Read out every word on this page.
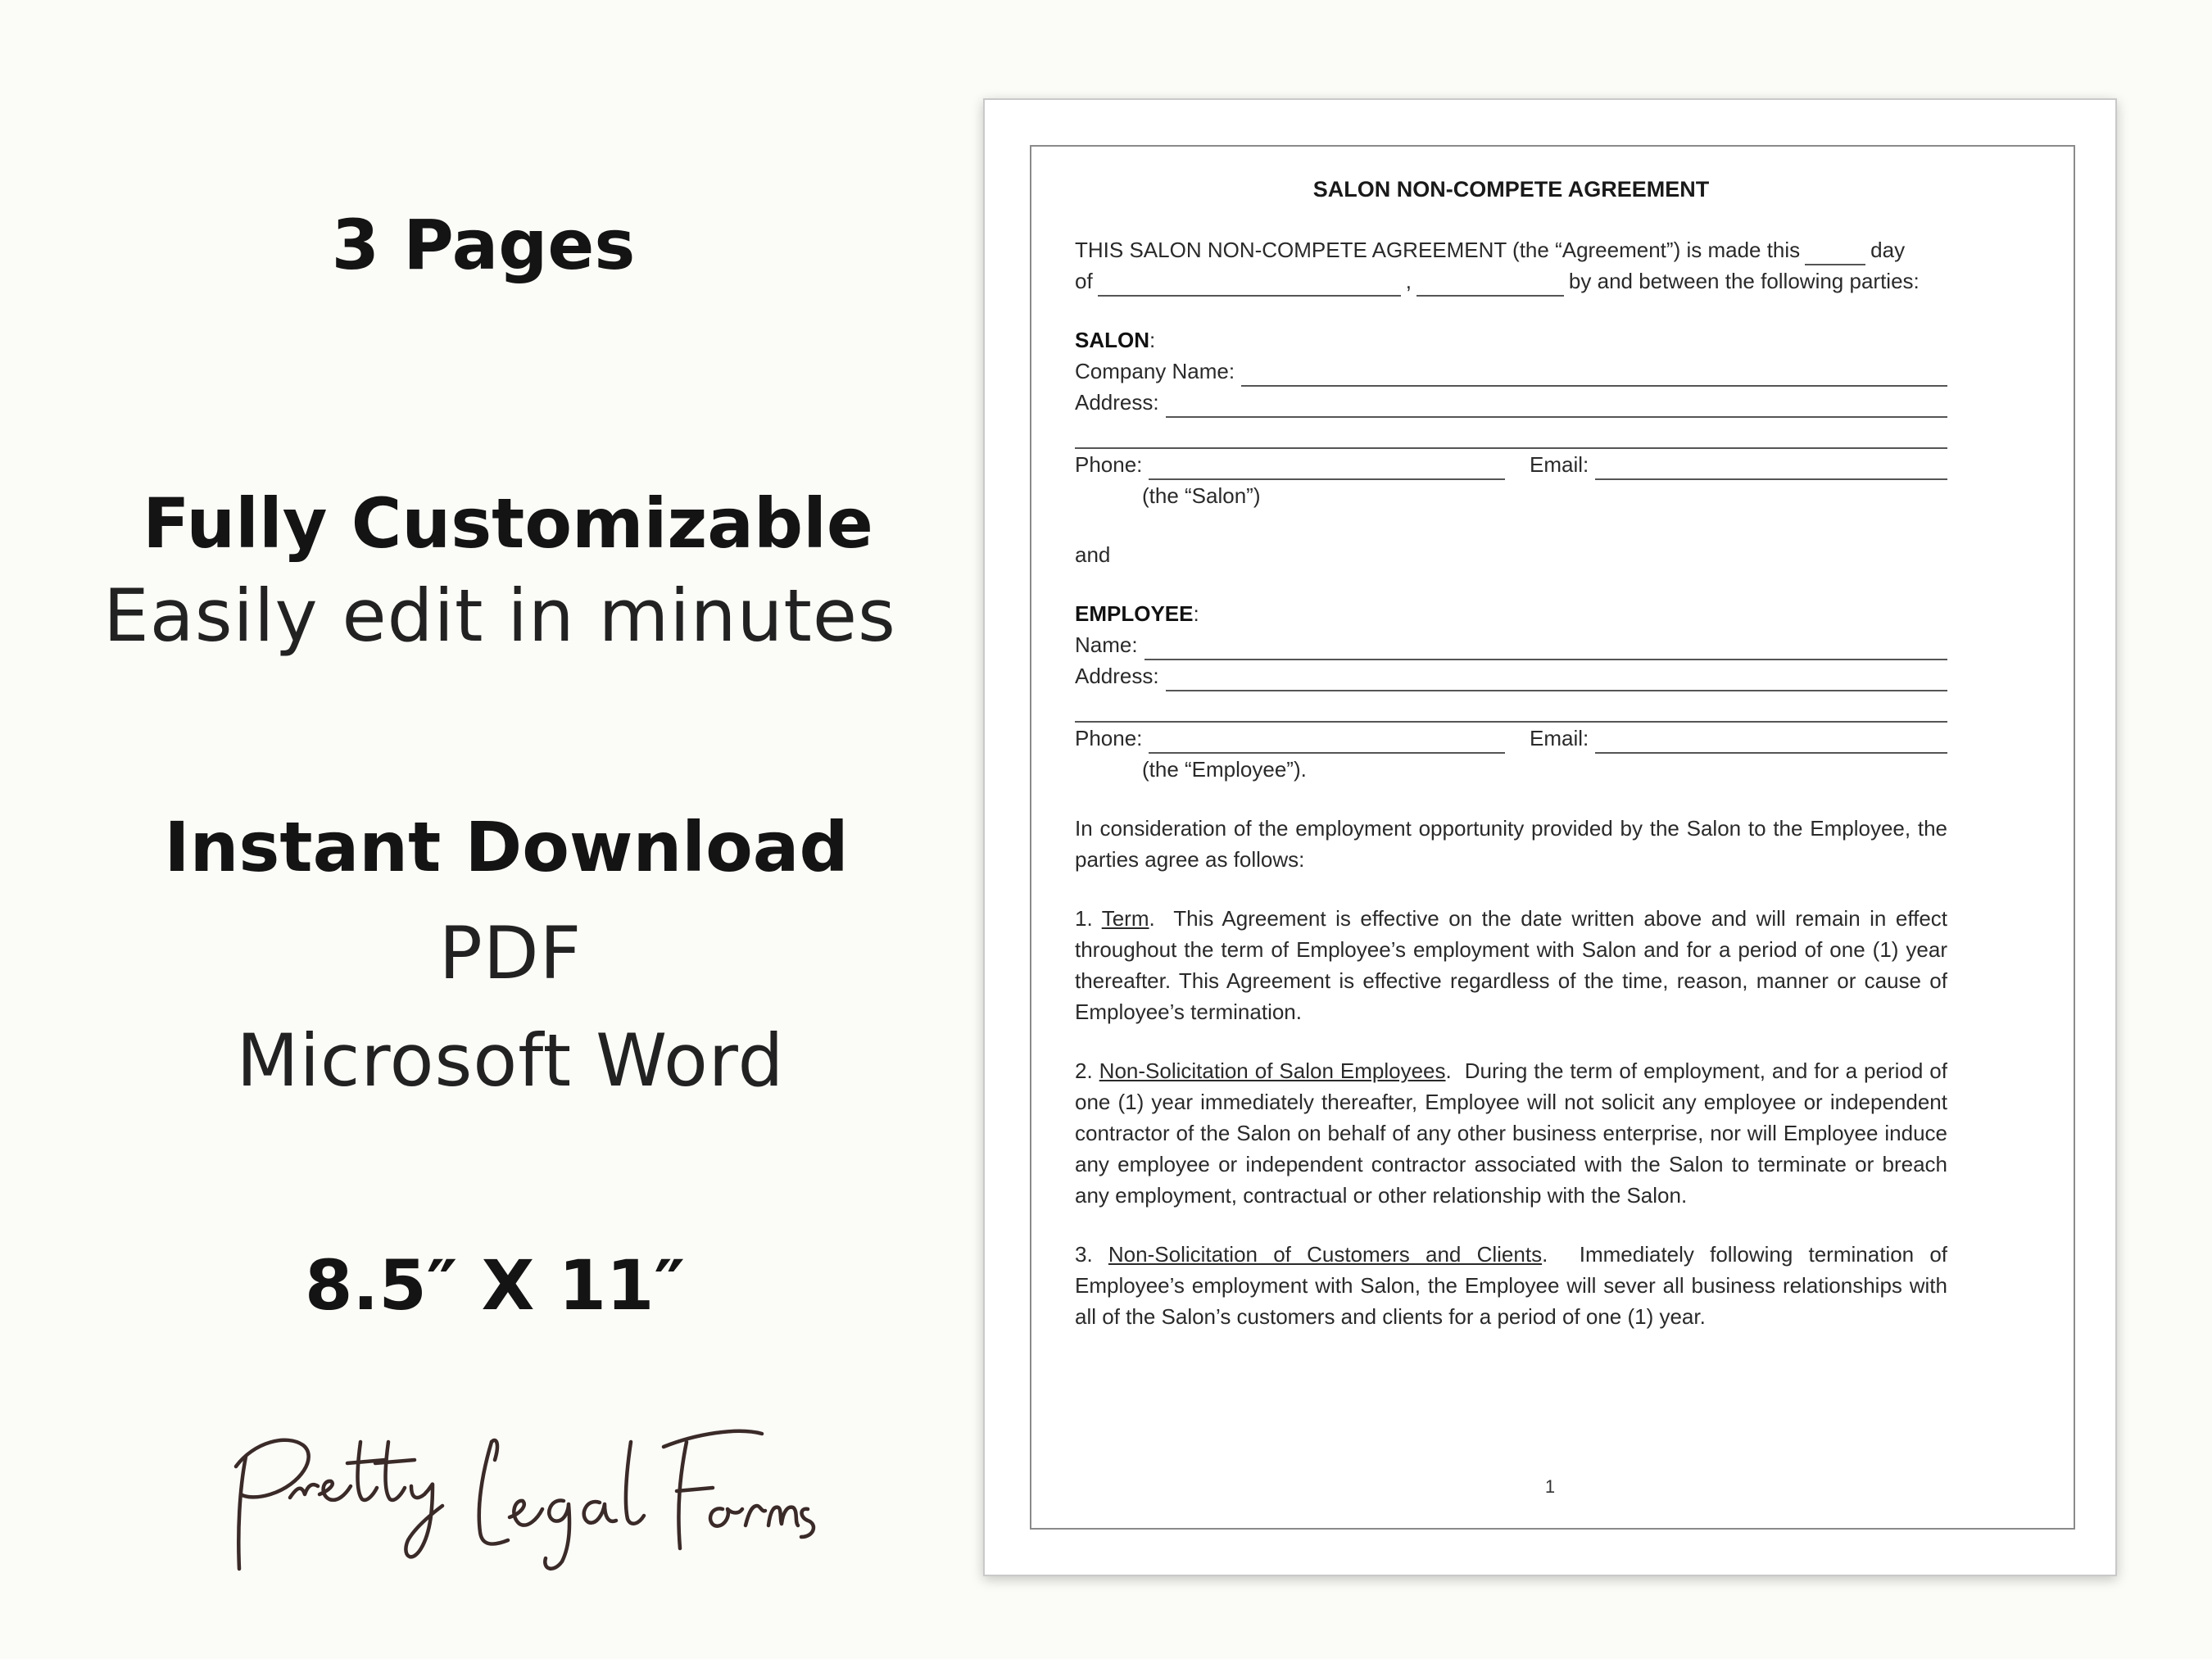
3 Pages
Fully Customizable
Easily edit in minutes
Instant Download
PDF
Microsoft Word
8.5″ X 11″
SALON NON-COMPETE AGREEMENT
THIS SALON NON-COMPETE AGREEMENT (the “Agreement”) is made this	day
of	,	by and between the following parties:
SALON:
Company Name:
Address:
Phone:	Email:
(the “Salon”)
and
EMPLOYEE:
Name:
Address:
Phone:	Email:
(the “Employee”).
In consideration of the employment opportunity provided by the Salon to the Employee, the parties agree as follows:
1. Term. This Agreement is effective on the date written above and will remain in effect throughout the term of Employee’s employment with Salon and for a period of one (1) year thereafter. This Agreement is effective regardless of the time, reason, manner or cause of Employee’s termination.
2. Non-Solicitation of Salon Employees. During the term of employment, and for a period of one (1) year immediately thereafter, Employee will not solicit any employee or independent contractor of the Salon on behalf of any other business enterprise, nor will Employee induce any employee or independent contractor associated with the Salon to terminate or breach any employment, contractual or other relationship with the Salon.
3. Non-Solicitation of Customers and Clients. Immediately following termination of Employee’s employment with Salon, the Employee will sever all business relationships with all of the Salon’s customers and clients for a period of one (1) year.
1
